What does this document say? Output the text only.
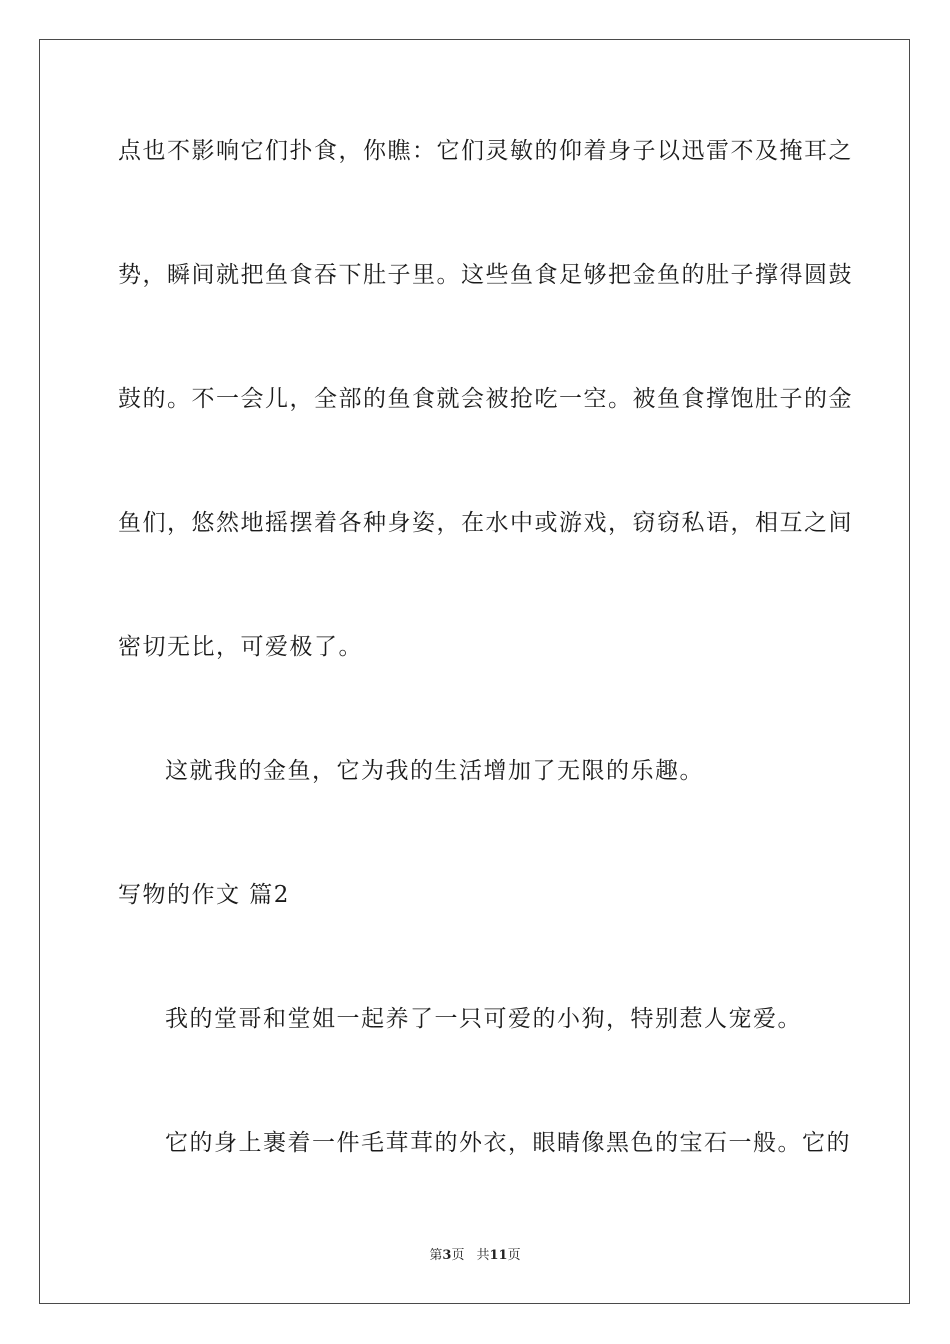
点也不影响它们扑食，你瞧：它们灵敏的仰着身子以迅雷不及掩耳之
势，瞬间就把鱼食吞下肚子里。这些鱼食足够把金鱼的肚子撑得圆鼓
鼓的。不一会儿，全部的鱼食就会被抢吃一空。被鱼食撑饱肚子的金
鱼们，悠然地摇摆着各种身姿，在水中或游戏，窃窃私语，相互之间
密切无比，可爱极了。
这就我的金鱼，它为我的生活增加了无限的乐趣。
写物的作文 篇2
我的堂哥和堂姐一起养了一只可爱的小狗，特别惹人宠爱。
它的身上裹着一件毛茸茸的外衣，眼睛像黑色的宝石一般。它的
第3页 共11页
